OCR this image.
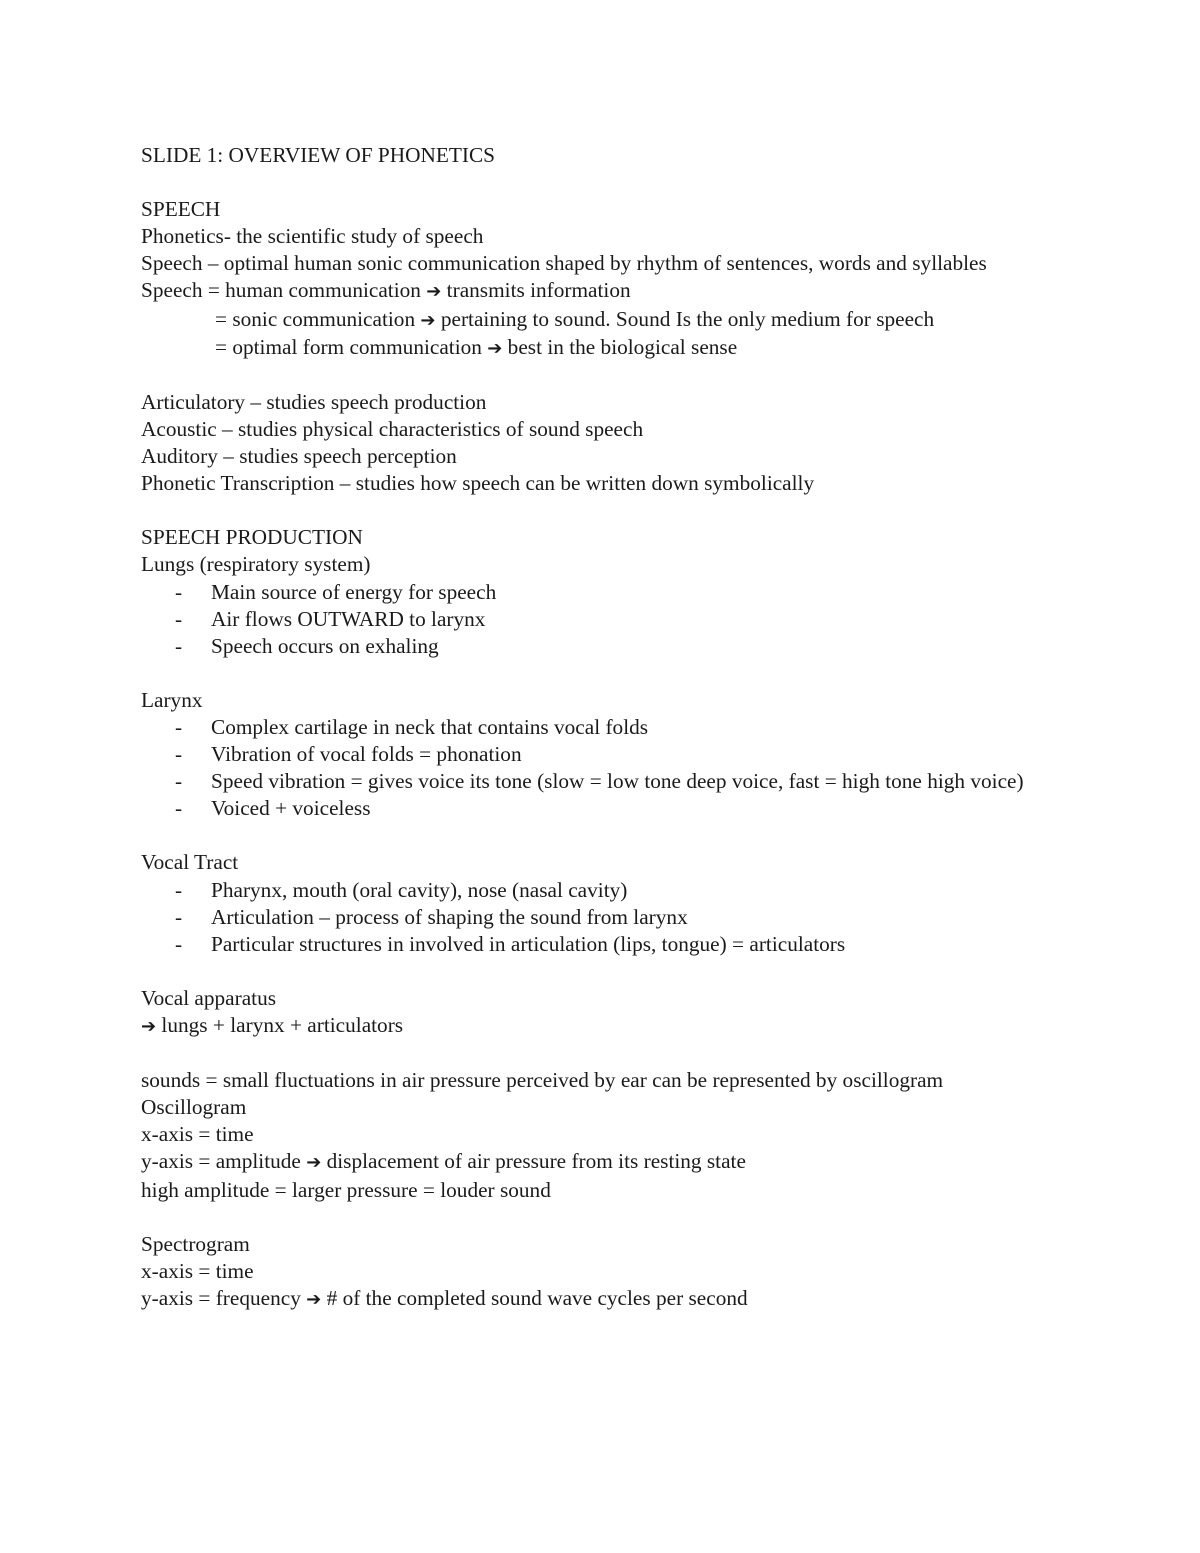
SLIDE 1: OVERVIEW OF PHONETICS

SPEECH

Phonetics- the scientific study of speech

Speech – optimal human sonic communication shaped by rhythm of sentences, words and syllables

Speech = human communication ➔ transmits information

= sonic communication ➔ pertaining to sound. Sound Is the only medium for speech

= optimal form communication ➔ best in the biological sense

Articulatory – studies speech production

Acoustic – studies physical characteristics of sound speech

Auditory – studies speech perception

Phonetic Transcription – studies how speech can be written down symbolically

SPEECH PRODUCTION

Lungs (respiratory system)

- Main source of energy for speech
- Air flows OUTWARD to larynx
- Speech occurs on exhaling

Larynx

- Complex cartilage in neck that contains vocal folds
- Vibration of vocal folds = phonation
- Speed vibration = gives voice its tone (slow = low tone deep voice, fast = high tone high voice)
- Voiced + voiceless

Vocal Tract

- Pharynx, mouth (oral cavity), nose (nasal cavity)
- Articulation – process of shaping the sound from larynx
- Particular structures in involved in articulation (lips, tongue) = articulators

Vocal apparatus

➔ lungs + larynx + articulators

sounds = small fluctuations in air pressure perceived by ear can be represented by oscillogram

Oscillogram

x-axis = time

y-axis = amplitude ➔ displacement of air pressure from its resting state

high amplitude = larger pressure = louder sound

Spectrogram

x-axis = time

y-axis = frequency ➔ # of the completed sound wave cycles per second
